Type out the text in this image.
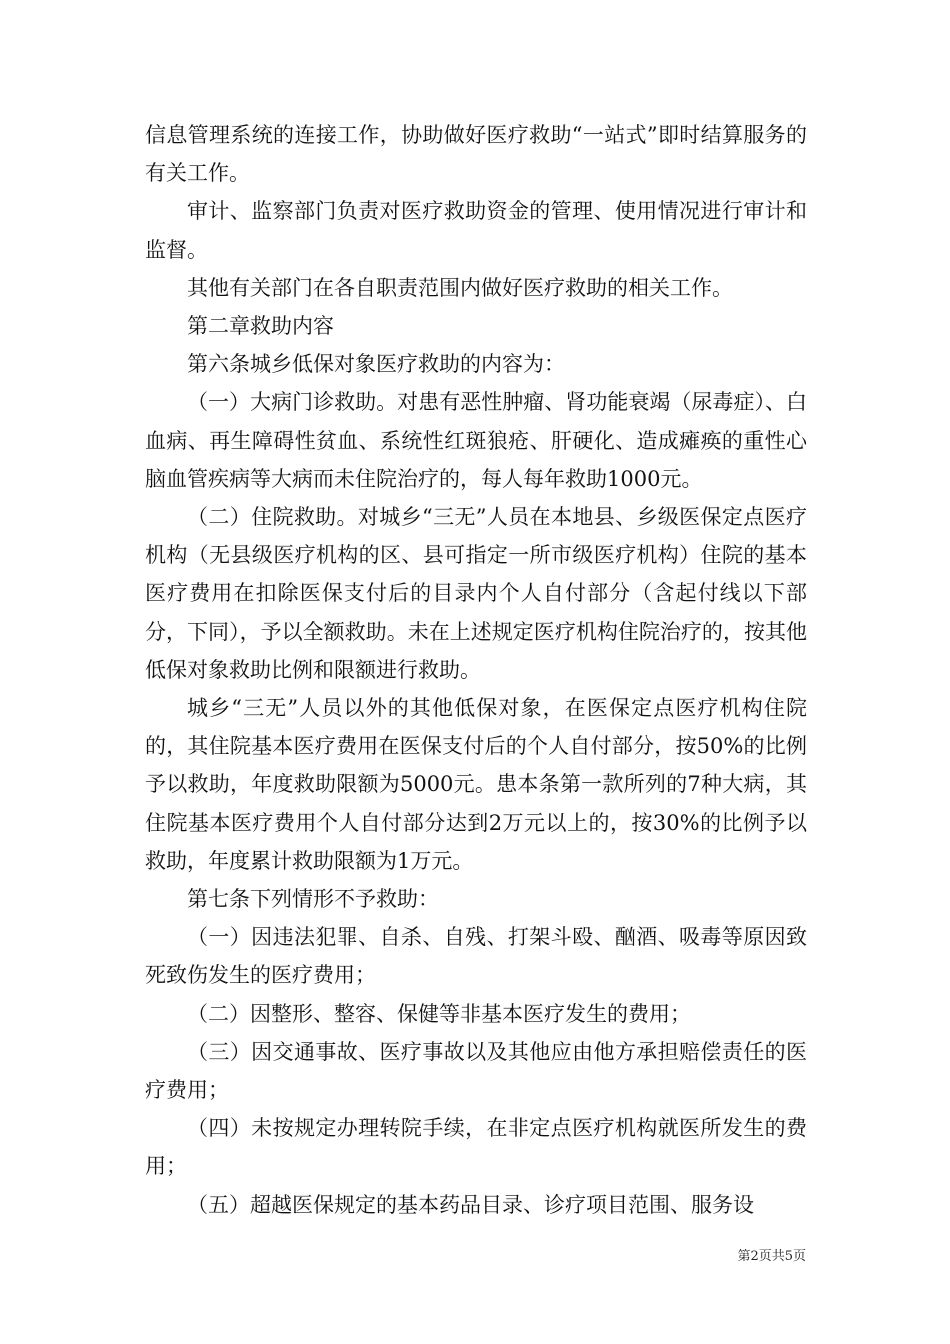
信息管理系统的连接工作，协助做好医疗救助“一站式”即时结算服务的有关工作。

审计、监察部门负责对医疗救助资金的管理、使用情况进行审计和监督。

其他有关部门在各自职责范围内做好医疗救助的相关工作。

第二章救助内容

第六条城乡低保对象医疗救助的内容为：

（一）大病门诊救助。对患有恶性肿瘤、肾功能衰竭（尿毒症）、白血病、再生障碍性贫血、系统性红斑狼疮、肝硬化、造成瘫痪的重性心脑血管疾病等大病而未住院治疗的，每人每年救助1000元。

（二）住院救助。对城乡“三无”人员在本地县、乡级医保定点医疗机构（无县级医疗机构的区、县可指定一所市级医疗机构）住院的基本医疗费用在扣除医保支付后的目录内个人自付部分（含起付线以下部分，下同），予以全额救助。未在上述规定医疗机构住院治疗的，按其他低保对象救助比例和限额进行救助。

城乡“三无”人员以外的其他低保对象，在医保定点医疗机构住院的，其住院基本医疗费用在医保支付后的个人自付部分，按50%的比例予以救助，年度救助限额为5000元。患本条第一款所列的7种大病，其住院基本医疗费用个人自付部分达到2万元以上的，按30%的比例予以救助，年度累计救助限额为1万元。

第七条下列情形不予救助：

（一）因违法犯罪、自杀、自残、打架斗殴、酗酒、吸毒等原因致死致伤发生的医疗费用；

（二）因整形、整容、保健等非基本医疗发生的费用；

（三）因交通事故、医疗事故以及其他应由他方承担赔偿责任的医疗费用；

（四）未按规定办理转院手续，在非定点医疗机构就医所发生的费用；

（五）超越医保规定的基本药品目录、诊疗项目范围、服务设

第2页共5页
